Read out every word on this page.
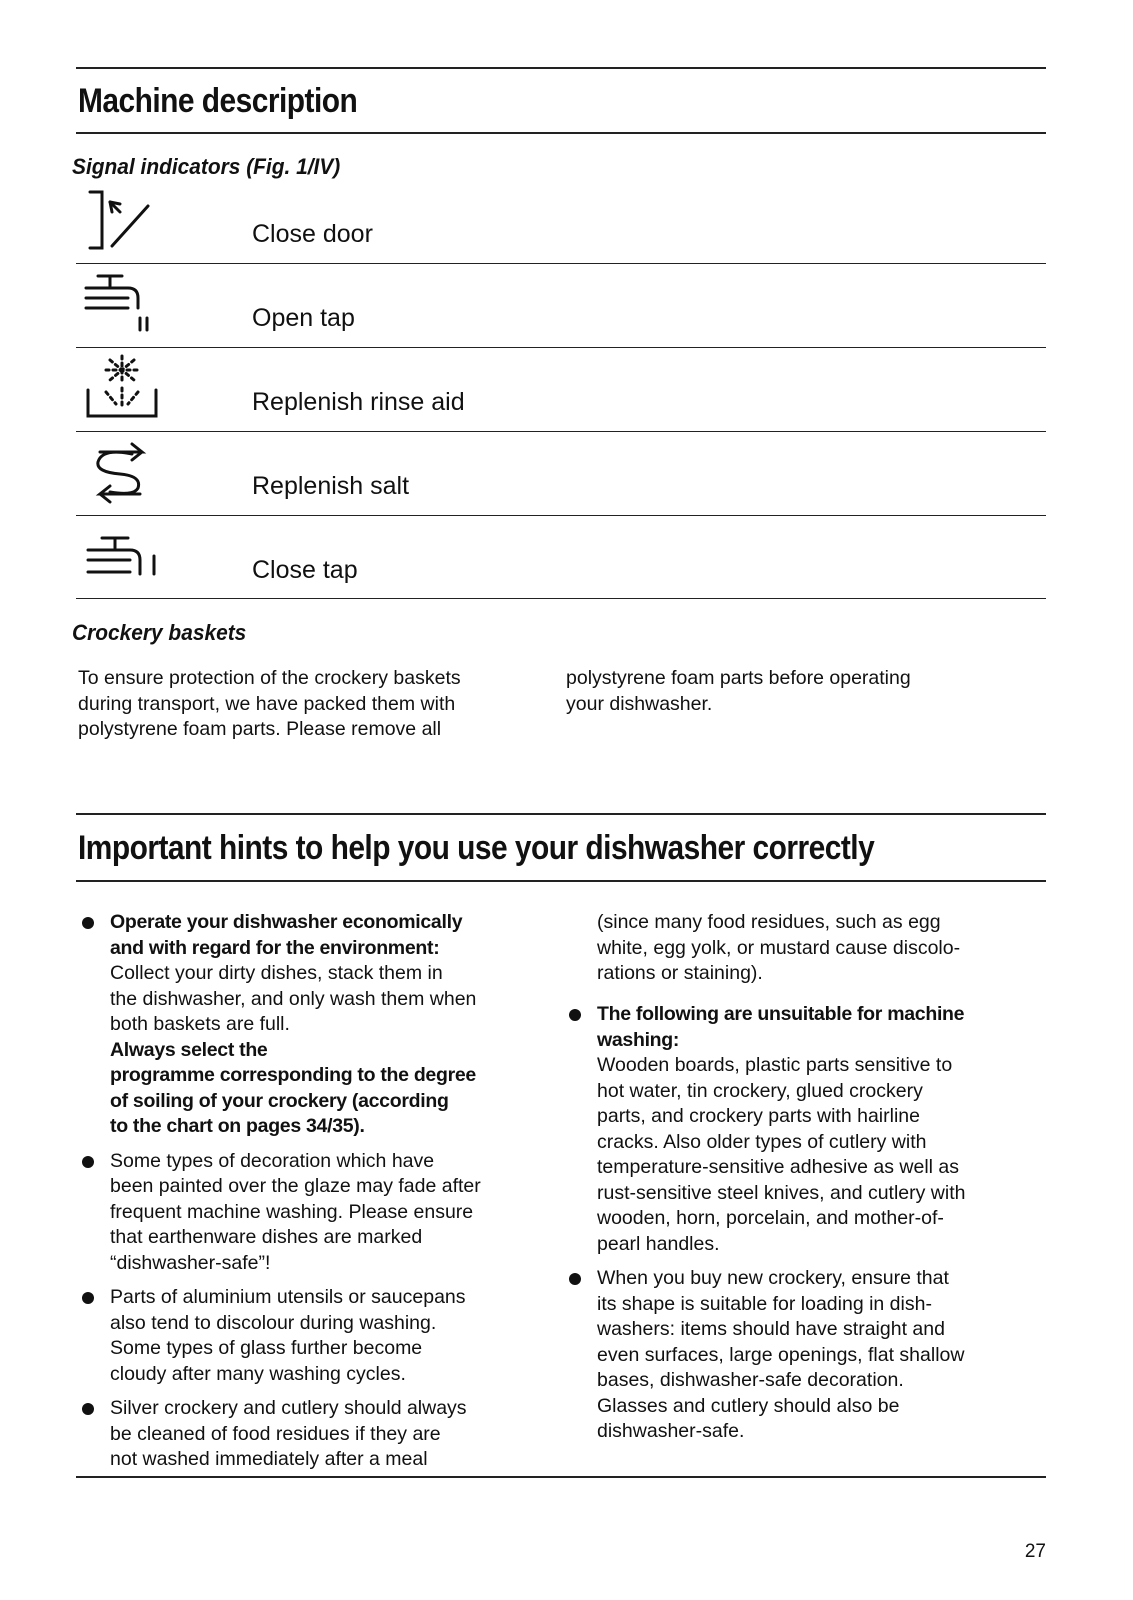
Machine description
Signal indicators (Fig. 1/IV)
Close door
Open tap
Replenish rinse aid
Replenish salt
Close tap
Crockery baskets
To ensure protection of the crockery baskets
during transport, we have packed them with
polystyrene foam parts. Please remove all
polystyrene foam parts before operating
your dishwasher.
Important hints to help you use your dishwasher correctly
Operate your dishwasher economically
and with regard for the environment:
Collect your dirty dishes, stack them in
the dishwasher, and only wash them when
both baskets are full.
Always select the
programme corresponding to the degree
of soiling of your crockery (according
to the chart on pages 34/35).
Some types of decoration which have
been painted over the glaze may fade after
frequent machine washing. Please ensure
that earthenware dishes are marked
“dishwasher-safe”!
Parts of aluminium utensils or saucepans
also tend to discolour during washing.
Some types of glass further become
cloudy after many washing cycles.
Silver crockery and cutlery should always
be cleaned of food residues if they are
not washed immediately after a meal
(since many food residues, such as egg
white, egg yolk, or mustard cause discolo-
rations or staining).
The following are unsuitable for machine
washing:
Wooden boards, plastic parts sensitive to
hot water, tin crockery, glued crockery
parts, and crockery parts with hairline
cracks. Also older types of cutlery with
temperature-sensitive adhesive as well as
rust-sensitive steel knives, and cutlery with
wooden, horn, porcelain, and mother-of-
pearl handles.
When you buy new crockery, ensure that
its shape is suitable for loading in dish-
washers: items should have straight and
even surfaces, large openings, flat shallow
bases, dishwasher-safe decoration.
Glasses and cutlery should also be
dishwasher-safe.
27
